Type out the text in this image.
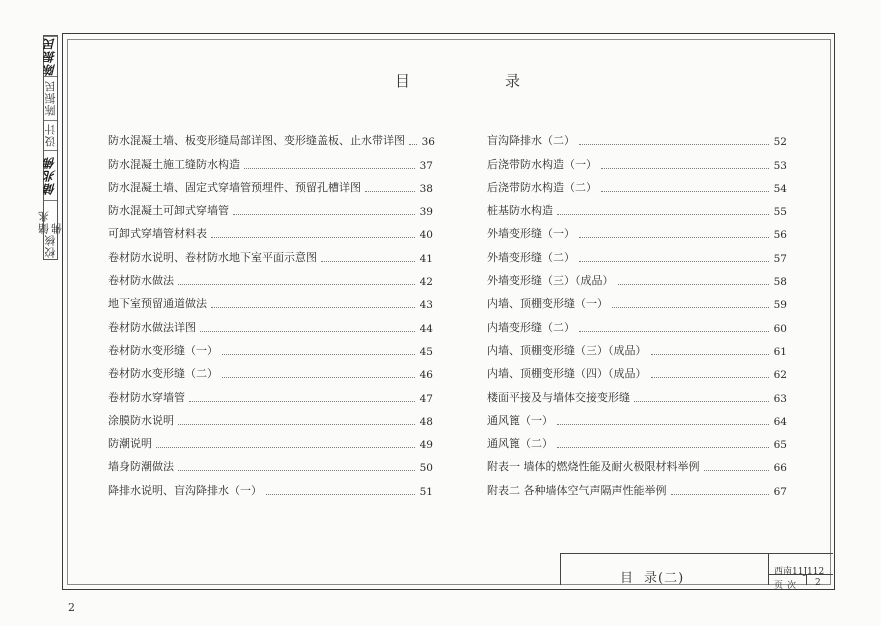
陈振民
陈振民
设计
储兆佛
储兆佛
校核
目	录
防水混凝土墙、板变形缝局部详图、变形缝盖板、止水带详图 36
防水混凝土施工缝防水构造	37
防水混凝土墙、固定式穿墙管预埋件、预留孔槽详图	38
防水混凝土可卸式穿墙管	39
可卸式穿墙管材料表	40
卷材防水说明、卷材防水地下室平面示意图	41
卷材防水做法	42
地下室预留通道做法	43
卷材防水做法详图	44
卷材防水变形缝（一）	45
卷材防水变形缝（二）	46
卷材防水穿墙管	47
涂膜防水说明	48
防潮说明	49
墙身防潮做法	50
降排水说明、盲沟降排水（一）	51
盲沟降排水（二）	52
后浇带防水构造（一）	53
后浇带防水构造（二）	54
桩基防水构造	55
外墙变形缝（一）	56
外墙变形缝（二）	57
外墙变形缝（三）（成品）	58
内墙、顶棚变形缝（一）	59
内墙变形缝（二）	60
内墙、顶棚变形缝（三）（成品）	61
内墙、顶棚变形缝（四）（成品）	62
楼面平接及与墙体交接变形缝	63
通风篦（一）	64
通风篦（二）	65
附表一 墙体的燃烧性能及耐火极限材料举例	66
附表二 各种墙体空气声隔声性能举例	67
目 录(二)	西南11J112
页次 2
2
